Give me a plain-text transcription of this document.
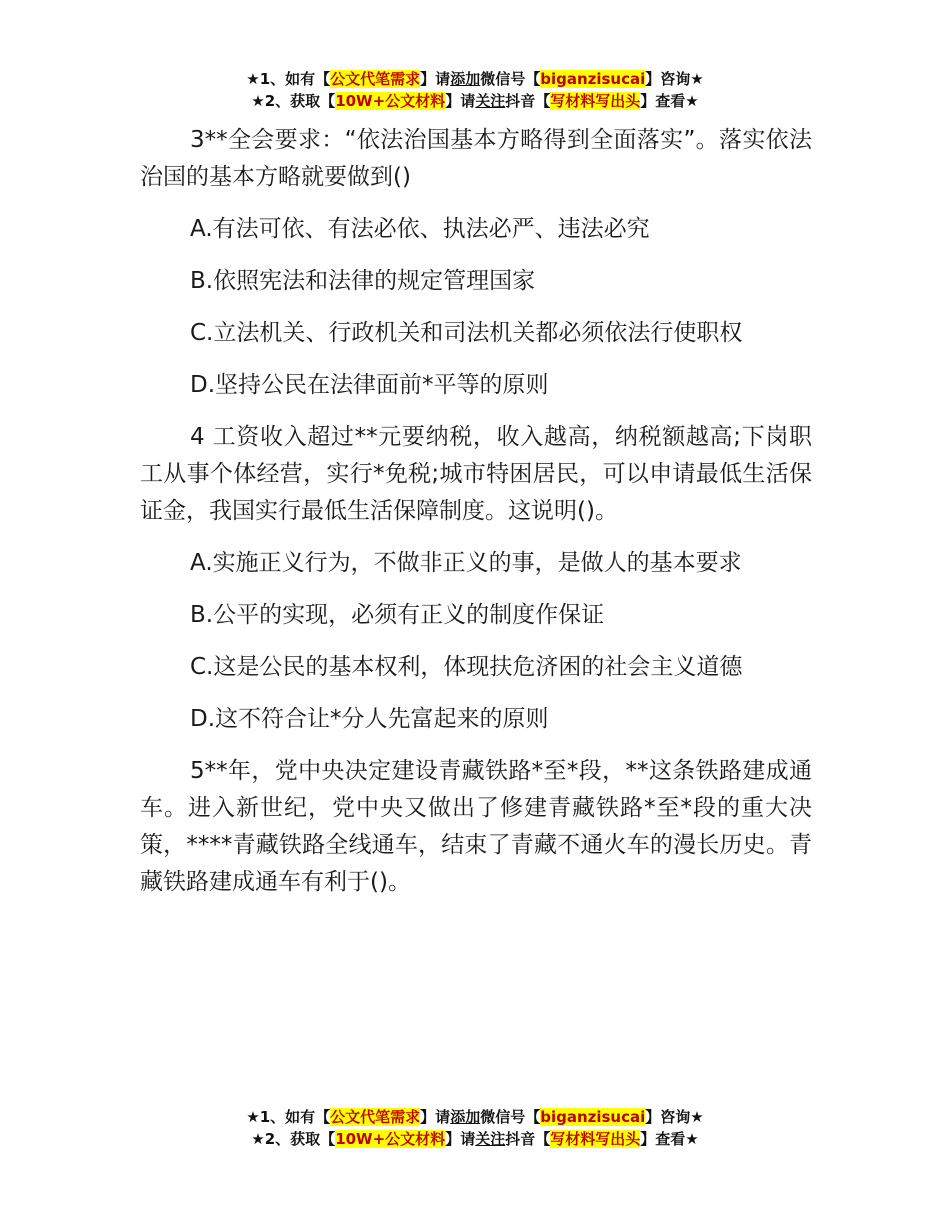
★1、如有【公文代笔需求】请添加微信号【biganzisucai】咨询★
★2、获取【10W+公文材料】请关注抖音【写材料写出头】查看★

3**全会要求：“依法治国基本方略得到全面落实”。落实依法治国的基本方略就要做到()

A.有法可依、有法必依、执法必严、违法必究

B.依照宪法和法律的规定管理国家

C.立法机关、行政机关和司法机关都必须依法行使职权

D.坚持公民在法律面前*平等的原则

4 工资收入超过**元要纳税，收入越高，纳税额越高;下岗职工从事个体经营，实行*免税;城市特困居民，可以申请最低生活保证金，我国实行最低生活保障制度。这说明()。

A.实施正义行为，不做非正义的事，是做人的基本要求

B.公平的实现，必须有正义的制度作保证

C.这是公民的基本权利，体现扶危济困的社会主义道德

D.这不符合让*分人先富起来的原则

5**年，党中央决定建设青藏铁路*至*段，**这条铁路建成通车。进入新世纪，党中央又做出了修建青藏铁路*至*段的重大决策，****青藏铁路全线通车，结束了青藏不通火车的漫长历史。青藏铁路建成通车有利于()。

★1、如有【公文代笔需求】请添加微信号【biganzisucai】咨询★
★2、获取【10W+公文材料】请关注抖音【写材料写出头】查看★
